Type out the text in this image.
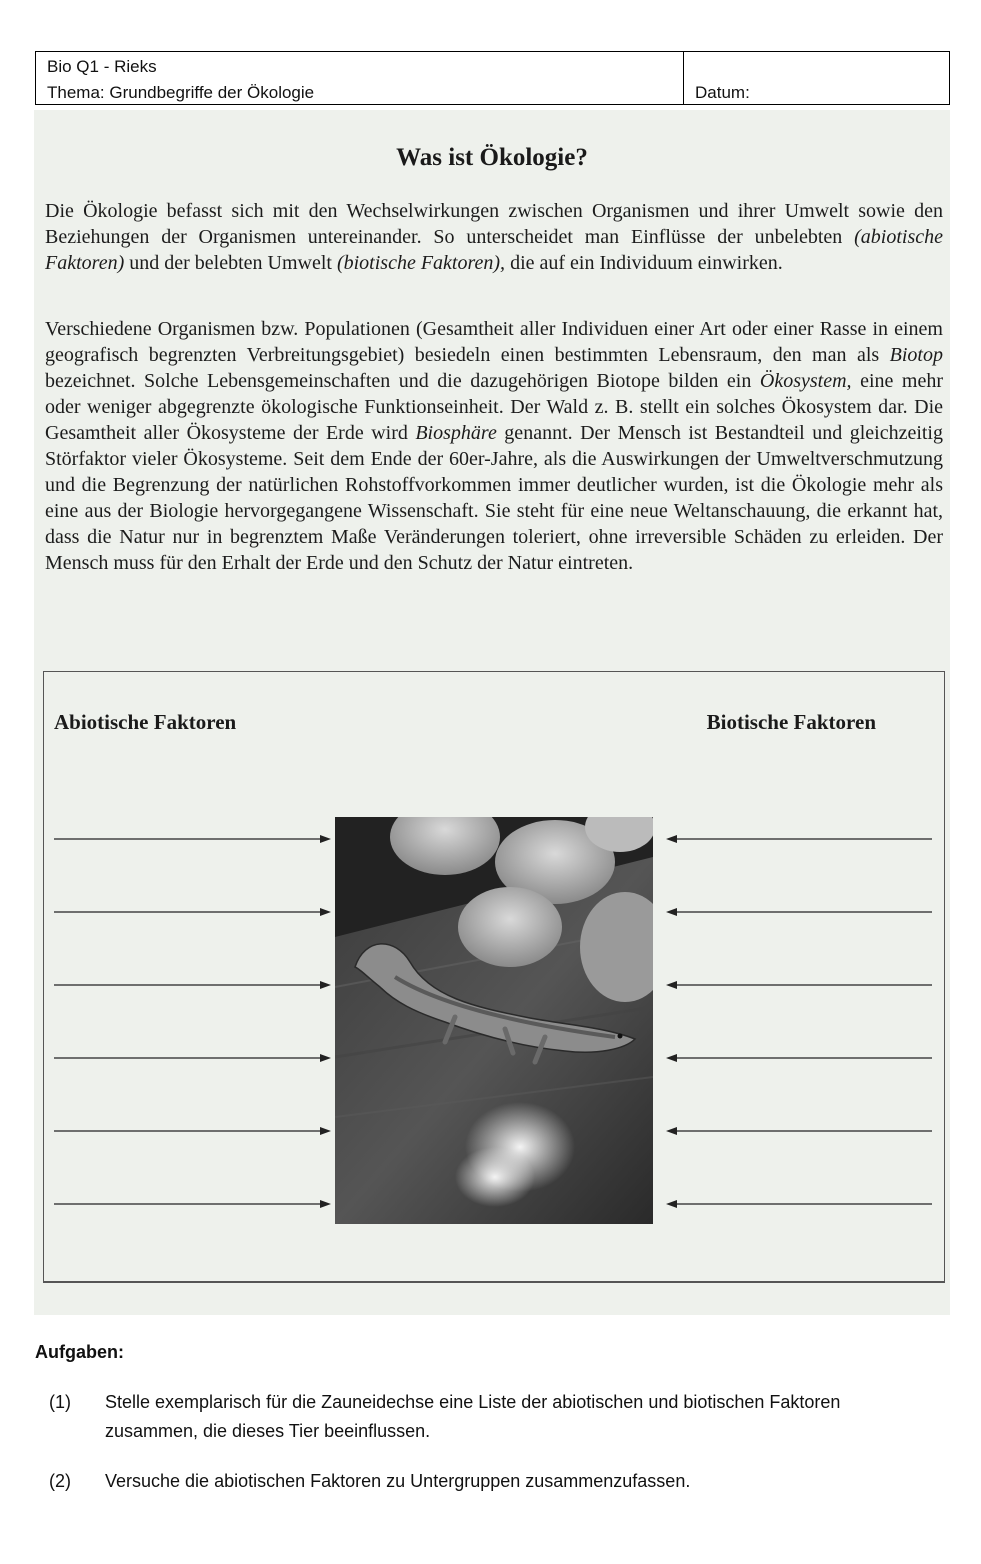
Bio Q1 - Rieks
Thema: Grundbegriffe der Ökologie	Datum:
Was ist Ökologie?
Die Ökologie befasst sich mit den Wechselwirkungen zwischen Organismen und ihrer Umwelt sowie den Beziehungen der Organismen untereinander. So unterscheidet man Einflüsse der unbelebten (abiotische Faktoren) und der belebten Umwelt (biotische Faktoren), die auf ein Individuum einwirken.
Verschiedene Organismen bzw. Populationen (Gesamtheit aller Individuen einer Art oder einer Rasse in einem geografisch begrenzten Verbreitungsgebiet) besiedeln einen bestimmten Lebensraum, den man als Biotop bezeichnet. Solche Lebensgemeinschaften und die dazugehörigen Biotope bilden ein Ökosystem, eine mehr oder weniger abgegrenzte ökologische Funktionseinheit. Der Wald z. B. stellt ein solches Ökosystem dar. Die Gesamtheit aller Ökosysteme der Erde wird Biosphäre genannt. Der Mensch ist Bestandteil und gleichzeitig Störfaktor vieler Ökosysteme. Seit dem Ende der 60er-Jahre, als die Auswirkungen der Umweltverschmutzung und die Begrenzung der natürlichen Rohstoffvorkommen immer deutlicher wurden, ist die Ökologie mehr als eine aus der Biologie hervorgegangene Wissenschaft. Sie steht für eine neue Weltanschauung, die erkannt hat, dass die Natur nur in begrenztem Maße Veränderungen toleriert, ohne irreversible Schäden zu erleiden. Der Mensch muss für den Erhalt der Erde und den Schutz der Natur eintreten.
Abiotische Faktoren	Biotische Faktoren
Aufgaben:
(1) Stelle exemplarisch für die Zauneidechse eine Liste der abiotischen und biotischen Faktoren zusammen, die dieses Tier beeinflussen.
(2) Versuche die abiotischen Faktoren zu Untergruppen zusammenzufassen.
